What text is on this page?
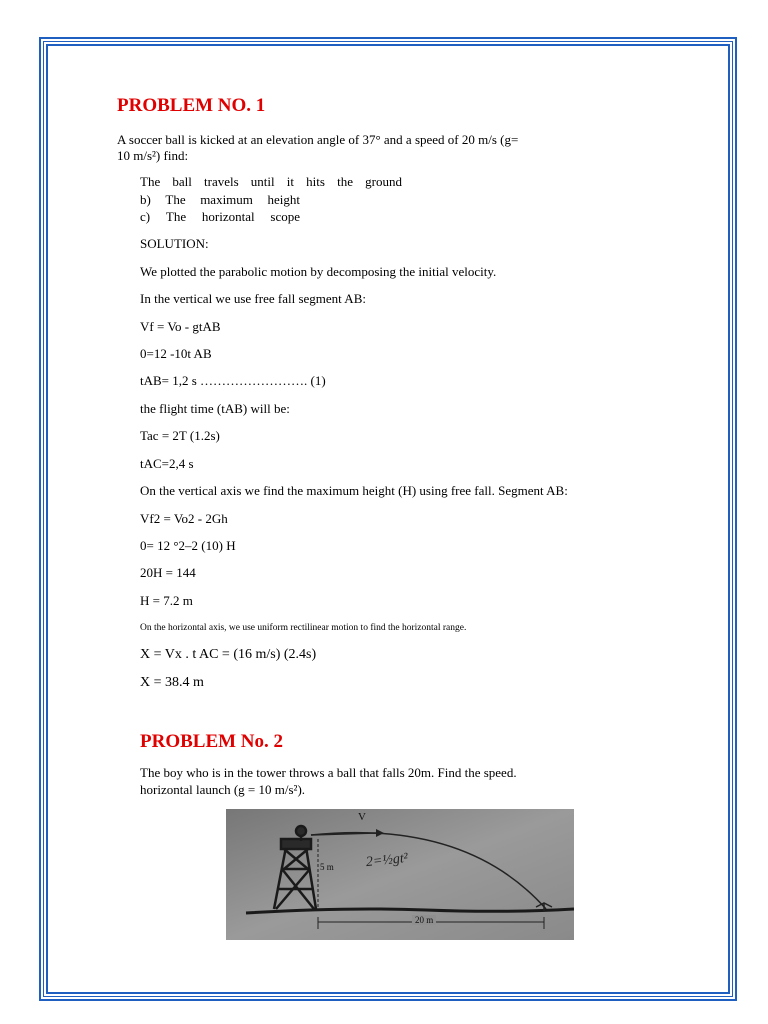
PROBLEM NO. 1
A soccer ball is kicked at an elevation angle of 37° and a speed of 20 m/s (g=
10 m/s²) find:
The ball travels until it hits the ground
b) The maximum height
c) The horizontal scope
SOLUTION:
We plotted the parabolic motion by decomposing the initial velocity.
In the vertical we use free fall segment AB:
Vf = Vo - gtAB
0=12 -10t AB
tAB= 1,2 s ……………………. (1)
the flight time (tAB) will be:
Tac = 2T (1.2s)
tAC=2,4 s
On the vertical axis we find the maximum height (H) using free fall. Segment AB:
Vf2 = Vo2 - 2Gh
0= 12 °2–2 (10) H
20H = 144
H = 7.2 m
On the horizontal axis, we use uniform rectilinear motion to find the horizontal range.
X = Vx . t AC = (16 m/s) (2.4s)
X = 38.4 m
PROBLEM No. 2
The boy who is in the tower throws a ball that falls 20m. Find the speed.
horizontal launch (g = 10 m/s²).
V
5 m 2=½gt²
20 m
